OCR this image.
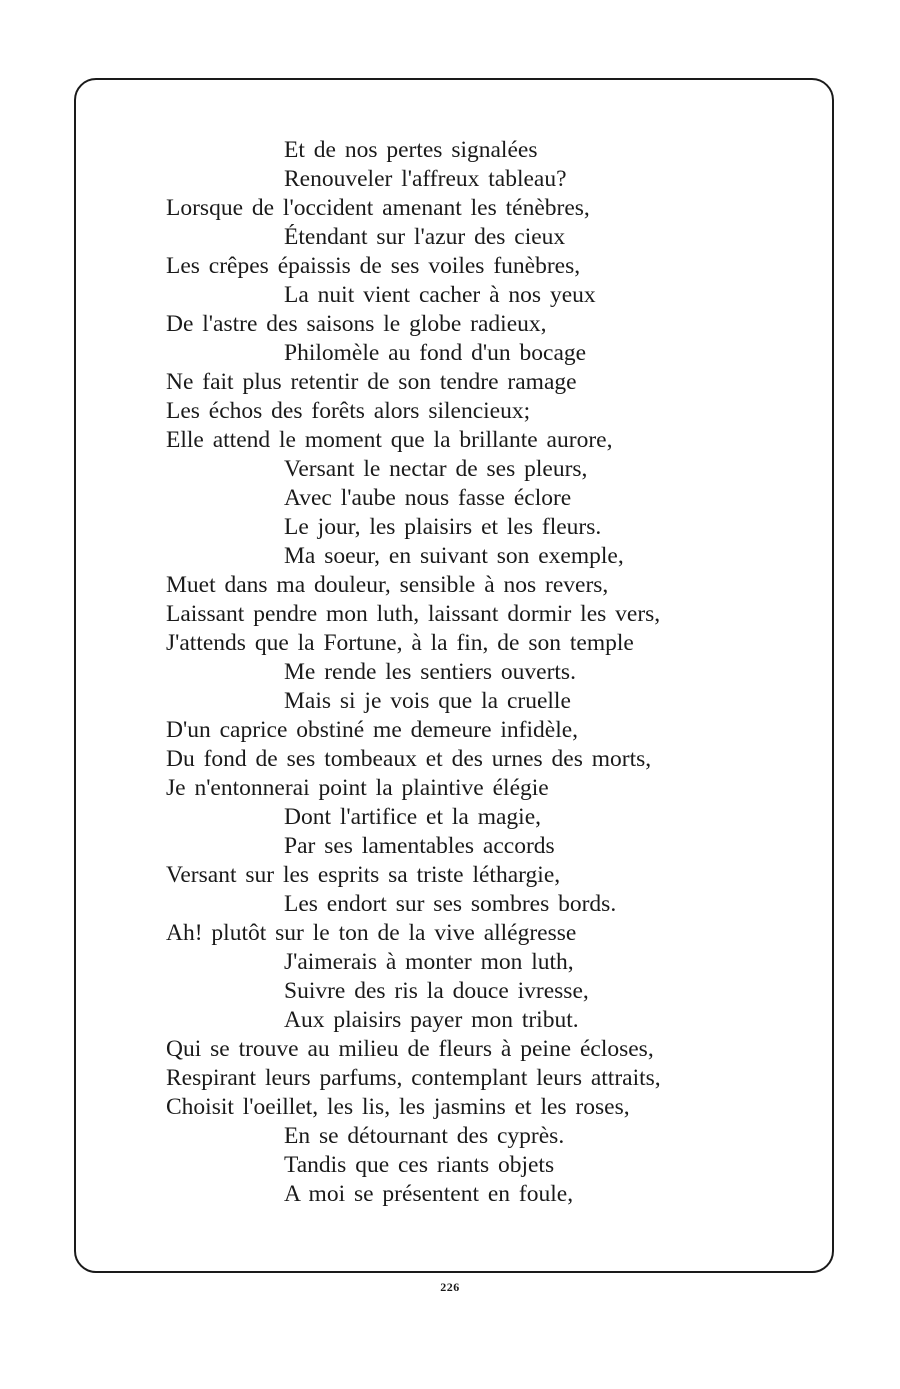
Et de nos pertes signalées
Renouveler l'affreux tableau?
Lorsque de l'occident amenant les ténèbres,
Étendant sur l'azur des cieux
Les crêpes épaissis de ses voiles funèbres,
La nuit vient cacher à nos yeux
De l'astre des saisons le globe radieux,
Philomèle au fond d'un bocage
Ne fait plus retentir de son tendre ramage
Les échos des forêts alors silencieux;
Elle attend le moment que la brillante aurore,
Versant le nectar de ses pleurs,
Avec l'aube nous fasse éclore
Le jour, les plaisirs et les fleurs.
Ma soeur, en suivant son exemple,
Muet dans ma douleur, sensible à nos revers,
Laissant pendre mon luth, laissant dormir les vers,
J'attends que la Fortune, à la fin, de son temple
Me rende les sentiers ouverts.
Mais si je vois que la cruelle
D'un caprice obstiné me demeure infidèle,
Du fond de ses tombeaux et des urnes des morts,
Je n'entonnerai point la plaintive élégie
Dont l'artifice et la magie,
Par ses lamentables accords
Versant sur les esprits sa triste léthargie,
Les endort sur ses sombres bords.
Ah! plutôt sur le ton de la vive allégresse
J'aimerais à monter mon luth,
Suivre des ris la douce ivresse,
Aux plaisirs payer mon tribut.
Qui se trouve au milieu de fleurs à peine écloses,
Respirant leurs parfums, contemplant leurs attraits,
Choisit l'oeillet, les lis, les jasmins et les roses,
En se détournant des cyprès.
Tandis que ces riants objets
A moi se présentent en foule,
226
